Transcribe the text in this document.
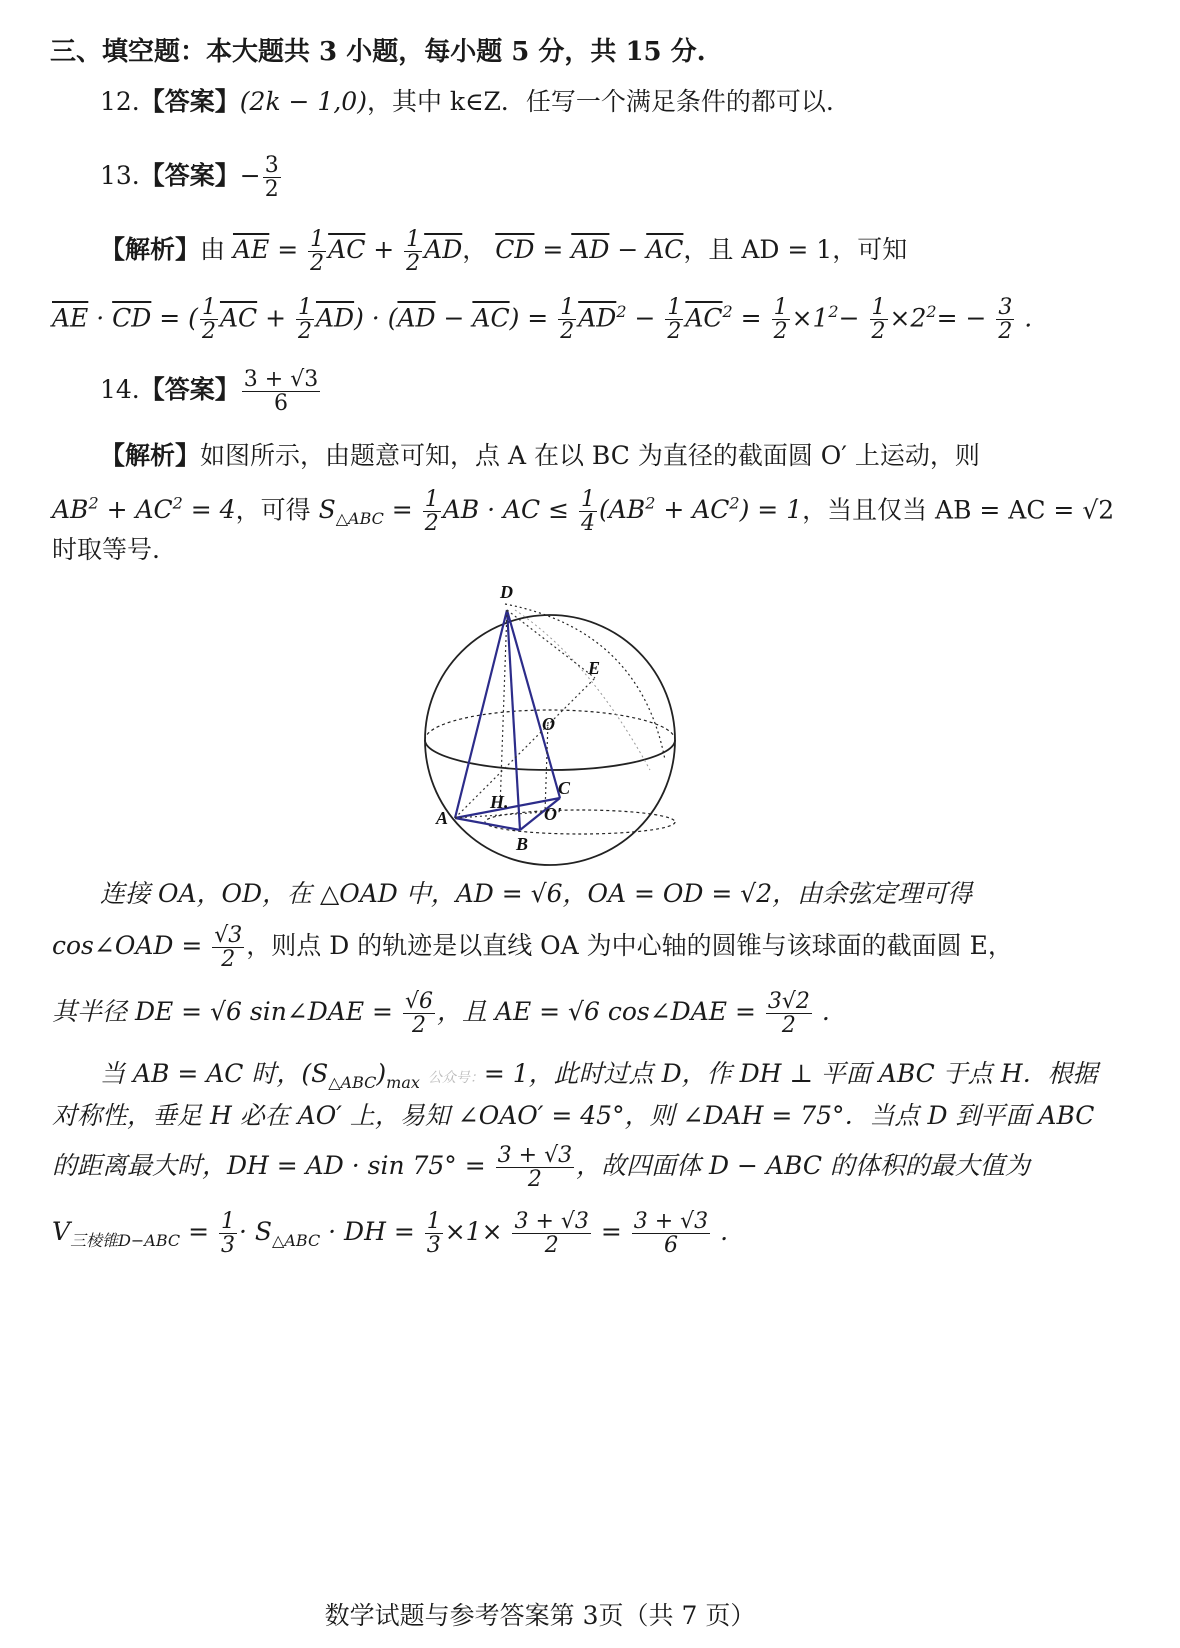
三、填空题：本大题共 3 小题，每小题 5 分，共 15 分.
12.【答案】(2k − 1,0)，其中 k∈Z．任写一个满足条件的都可以.
13.【答案】− $\frac{3}{2}$
【解析】由 $\overline{AE} = \frac{1}{2} \overline{AC} + \frac{1}{2} \overline{AD}$， $\overline{CD} = \overline{AD} - \overline{AC}$，且 AD = 1，可知
$\overline{AE} \cdot \overline{CD}$ = ( $\frac{1}{2} \overline{AC} + \frac{1}{2} \overline{AD}) \cdot (\overline{AD} - \overline{AC}) = \frac{1}{2} \overline{AD}^2 - \frac{1}{2} \overline{AC}^2 = \frac{1}{2} \times 1^2- \frac{1}{2} \times 2^2= - \frac{3}{2}$ .
14.【答案】 $\frac{3 + √3}{6}$
【解析】如图所示，由题意可知，点 A 在以 BC 为直径的截面圆 O′ 上运动，则
$AB^2 + AC^2 = 4$，可得 $S_{\triangle ABC} = \frac{1}{2}$ AB · AC ≤ $\frac{1}{4} (AB^2 + AC^2) = 1$，当且仅当 AB = AC = √2
时取等号.
D
E
O
C
H.
O′
A
B
连接 OA，OD，在 △OAD 中，AD = √6，OA = OD = √2，由余弦定理可得
cos∠OAD = $\frac{√3}{2}$ ，则点 D 的轨迹是以直线 OA 为中心轴的圆锥与该球面的截面圆 E，
其半径 DE = √6 sin∠DAE = $\frac{√6}{2}$ ，且 AE = √6 cos∠DAE = $\frac{3√2}{2}$ .
当 AB = AC 时，$(S_{\triangle ABC})_{max}$ 公众号：= 1，此时过点 D，作 DH ⊥ 平面 ABC 于点 H．根据
对称性，垂足 H 必在 AO′ 上，易知 ∠OAO′ = 45°，则 ∠DAH = 75°．当点 D 到平面 ABC
的距离最大时，DH = AD · $\sin 75^\circ = \frac{3 + √3}{2}$ ，故四面体 D − ABC 的体积的最大值为
$V_{三棱锥D-ABC} = \frac{1}{3} \cdot S_{\triangle ABC}$ · DH = $\frac{1}{3} \times 1\times \frac{3 + √3}{2} = \frac{3 + √3}{6}$ .
数学试题与参考答案第 3页（共 7 页）
